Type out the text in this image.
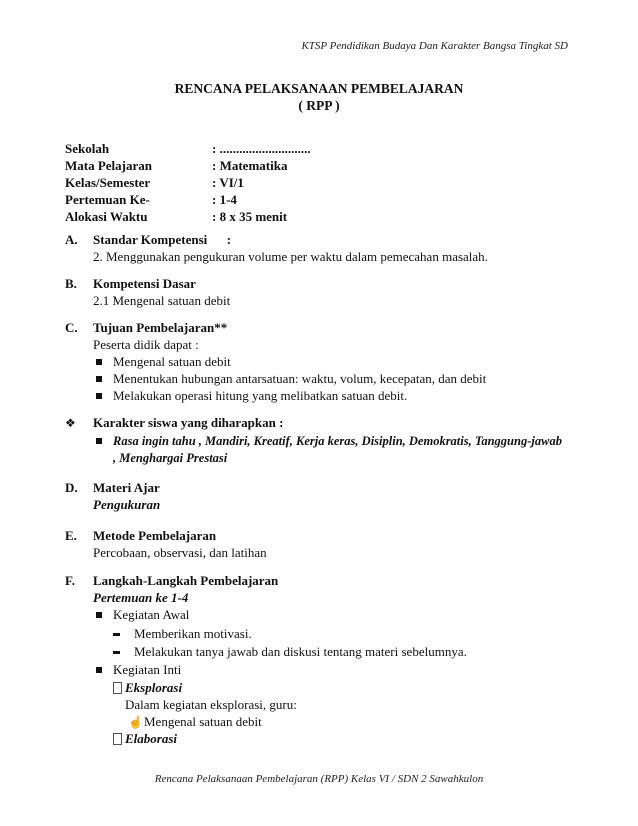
KTSP Pendidikan Budaya Dan Karakter Bangsa Tingkat SD
RENCANA PELAKSANAAN PEMBELAJARAN
( RPP )
Sekolah	: ............................
Mata Pelajaran	: Matematika
Kelas/Semester	: VI/1
Pertemuan Ke-	: 1-4
Alokasi Waktu	: 8 x 35 menit
A. Standar Kompetensi      :
2. Menggunakan pengukuran volume per waktu dalam pemecahan masalah.
B. Kompetensi Dasar
2.1 Mengenal satuan debit
C. Tujuan Pembelajaran**
Peserta didik dapat :
Mengenal satuan debit
Menentukan hubungan antarsatuan: waktu, volum, kecepatan, dan debit
Melakukan operasi hitung yang melibatkan satuan debit.
❖ Karakter siswa yang diharapkan :
Rasa ingin tahu , Mandiri, Kreatif, Kerja keras, Disiplin, Demokratis, Tanggung-jawab
, Menghargai Prestasi
D. Materi Ajar
Pengukuran
E. Metode Pembelajaran
Percobaan, observasi, dan latihan
F. Langkah-Langkah Pembelajaran
Pertemuan ke 1-4
Kegiatan Awal
Memberikan motivasi.
Melakukan tanya jawab dan diskusi tentang materi sebelumnya.
Kegiatan Inti
Eksplorasi
Dalam kegiatan eksplorasi, guru:
☝ Mengenal satuan debit
Elaborasi
Rencana Pelaksanaan Pembelajaran (RPP) Kelas VI / SDN 2 Sawahkulon
